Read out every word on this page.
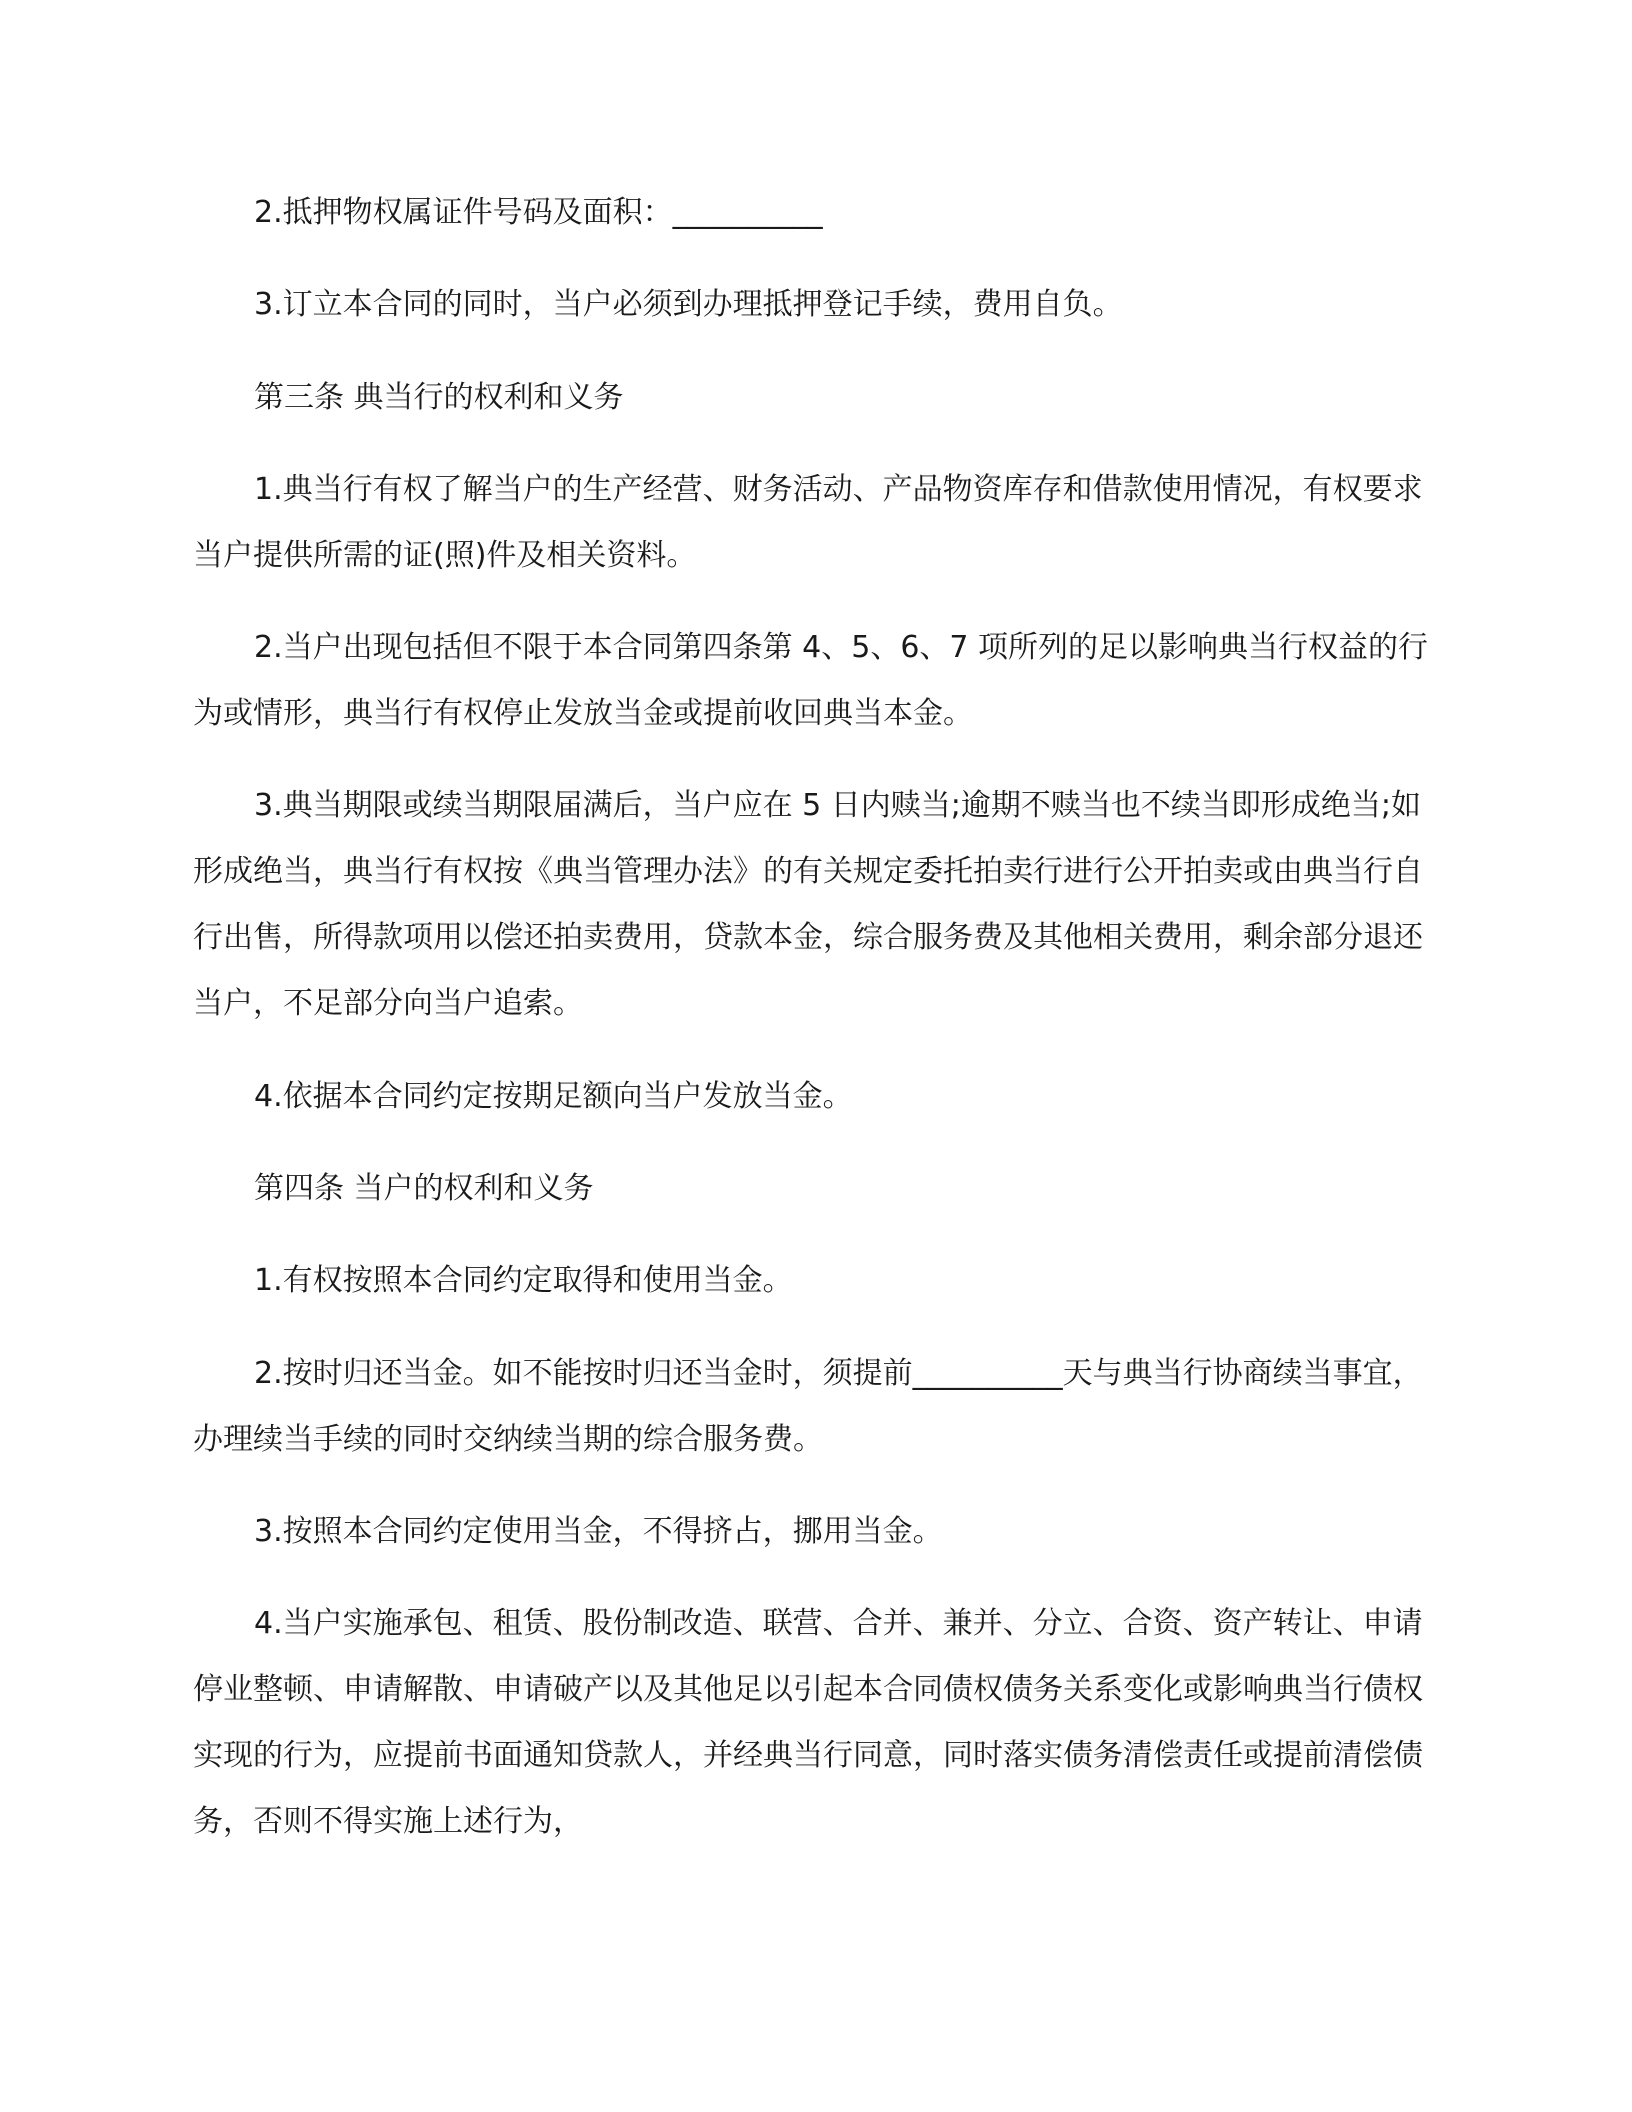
2.抵押物权属证件号码及面积：__________

3.订立本合同的同时，当户必须到办理抵押登记手续，费用自负。

第三条 典当行的权利和义务

1.典当行有权了解当户的生产经营、财务活动、产品物资库存和借款使用情况，有权要求当户提供所需的证(照)件及相关资料。

2.当户出现包括但不限于本合同第四条第 4、5、6、7 项所列的足以影响典当行权益的行为或情形，典当行有权停止发放当金或提前收回典当本金。

3.典当期限或续当期限届满后，当户应在 5 日内赎当;逾期不赎当也不续当即形成绝当;如形成绝当，典当行有权按《典当管理办法》的有关规定委托拍卖行进行公开拍卖或由典当行自行出售，所得款项用以偿还拍卖费用，贷款本金，综合服务费及其他相关费用，剩余部分退还当户，不足部分向当户追索。

4.依据本合同约定按期足额向当户发放当金。

第四条 当户的权利和义务

1.有权按照本合同约定取得和使用当金。

2.按时归还当金。如不能按时归还当金时，须提前__________天与典当行协商续当事宜，办理续当手续的同时交纳续当期的综合服务费。

3.按照本合同约定使用当金，不得挤占，挪用当金。

4.当户实施承包、租赁、股份制改造、联营、合并、兼并、分立、合资、资产转让、申请停业整顿、申请解散、申请破产以及其他足以引起本合同债权债务关系变化或影响典当行债权实现的行为，应提前书面通知贷款人，并经典当行同意，同时落实债务清偿责任或提前清偿债务，否则不得实施上述行为，
